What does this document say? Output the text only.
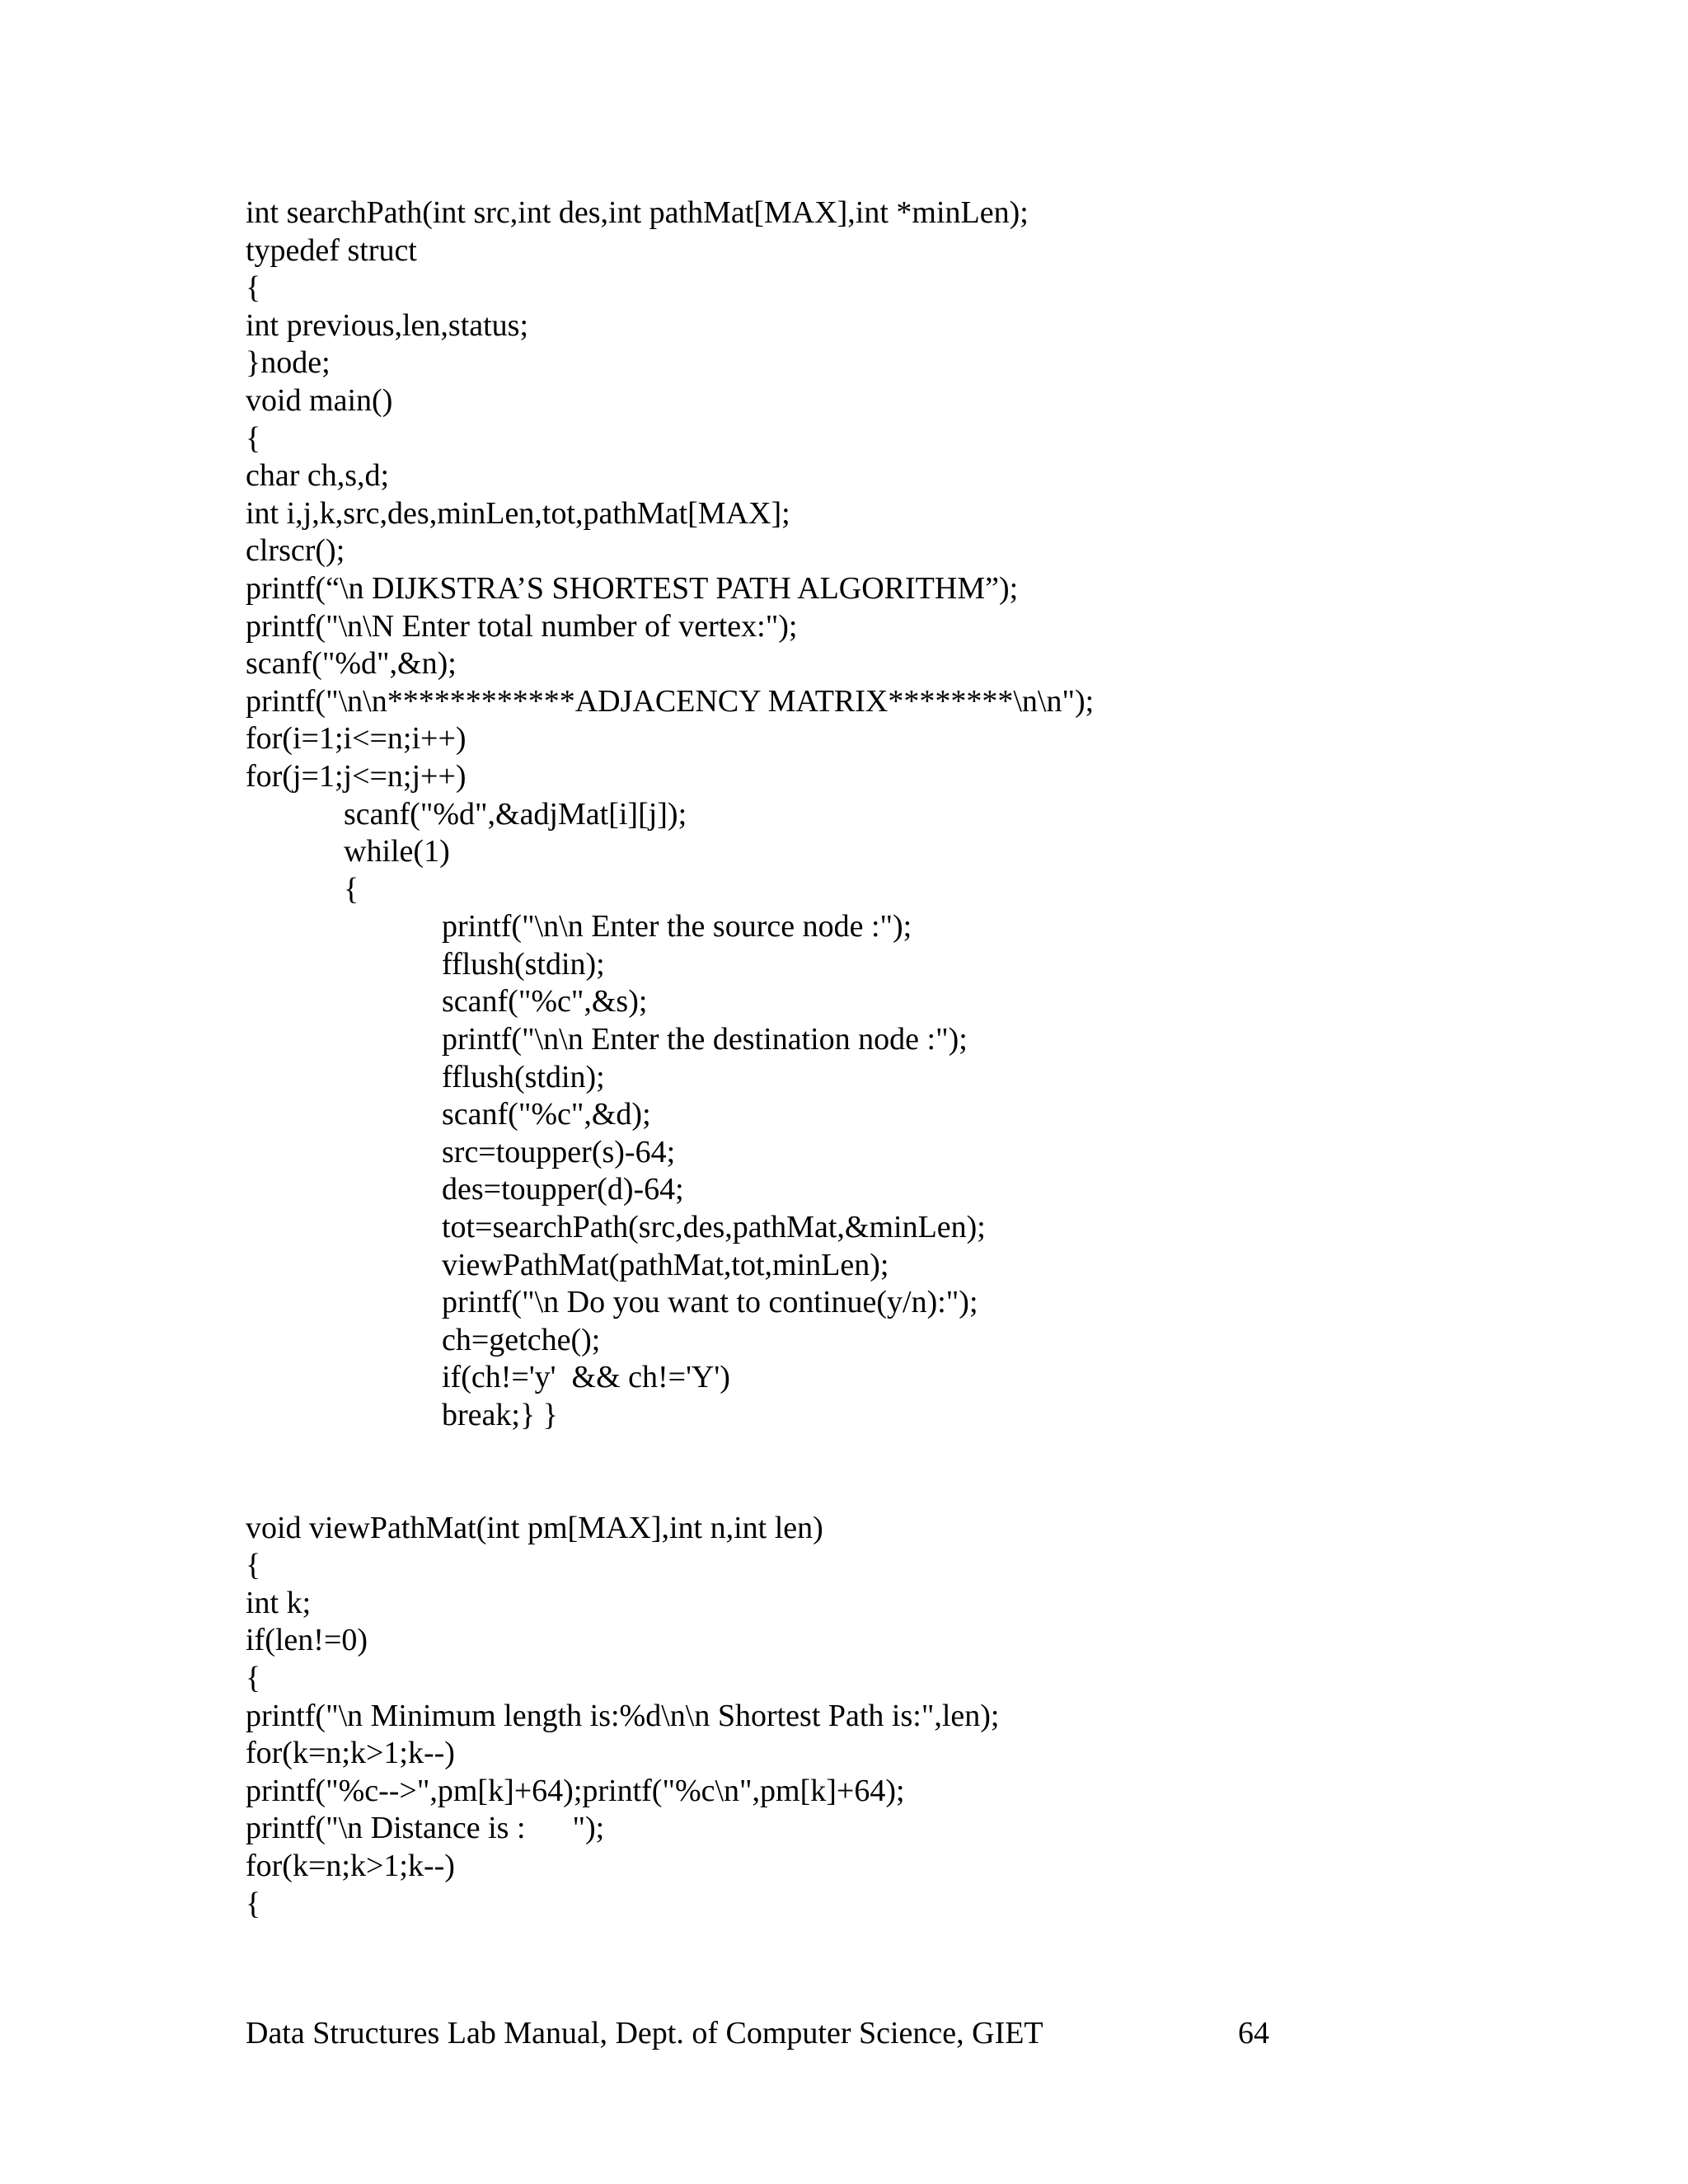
int searchPath(int src,int des,int pathMat[MAX],int *minLen);
typedef struct
{
int previous,len,status;
}node;
void main()
{
char ch,s,d;
int i,j,k,src,des,minLen,tot,pathMat[MAX];
clrscr();
printf(“\n DIJKSTRA’S SHORTEST PATH ALGORITHM”);
printf("\n\N Enter total number of vertex:");
scanf("%d",&n);
printf("\n\n************ADJACENCY MATRIX********\n\n");
for(i=1;i<=n;i++)
for(j=1;j<=n;j++)
scanf("%d",&adjMat[i][j]);
while(1)
{
printf("\n\n Enter the source node :");
fflush(stdin);
scanf("%c",&s);
printf("\n\n Enter the destination node :");
fflush(stdin);
scanf("%c",&d);
src=toupper(s)-64;
des=toupper(d)-64;
tot=searchPath(src,des,pathMat,&minLen);
viewPathMat(pathMat,tot,minLen);
printf("\n Do you want to continue(y/n):");
ch=getche();
if(ch!='y'  && ch!='Y')
break;} }
void viewPathMat(int pm[MAX],int n,int len)
{
int k;
if(len!=0)
{
printf("\n Minimum length is:%d\n\n Shortest Path is:",len);
for(k=n;k>1;k--)
printf("%c-->",pm[k]+64);printf("%c\n",pm[k]+64);
printf("\n Distance is :      ");
for(k=n;k>1;k--)
{
Data Structures Lab Manual, Dept. of Computer Science, GIET	64
